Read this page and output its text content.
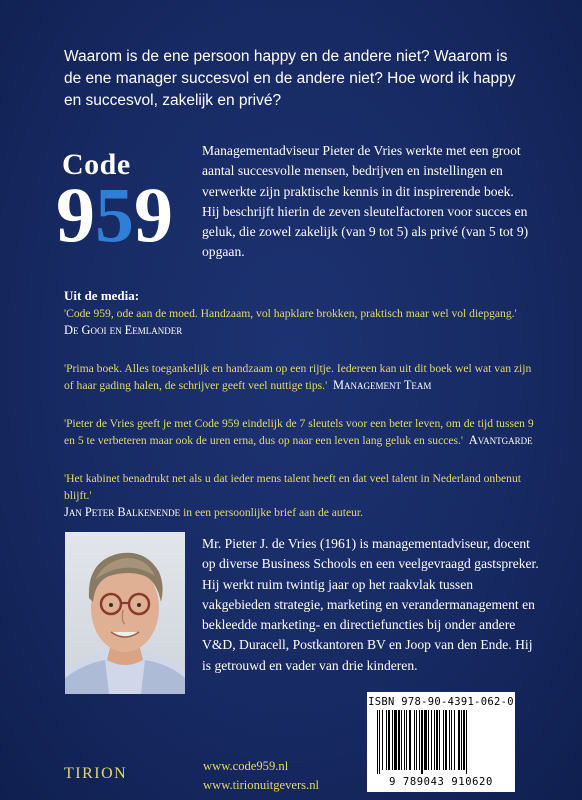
Waarom is de ene persoon happy en de andere niet? Waarom is

de ene manager succesvol en de andere niet? Hoe word ik happy

en succesvol, zakelijk en privé?

Code
959
Managementadviseur Pieter de Vries werkte met een groot aantal succesvolle mensen, bedrijven en instellingen en verwerkte zijn praktische kennis in dit inspirerende boek. Hij beschrijft hierin de zeven sleutelfactoren voor succes en geluk, die zowel zakelijk (van 9 tot 5) als privé (van 5 tot 9) opgaan.

Uit de media:

'Code 959, ode aan de moed. Handzaam, vol hapklare brokken, praktisch maar wel vol diepgang.'

De Gooi en Eemlander

'Prima boek. Alles toegankelijk en handzaam op een rijtje. Iedereen kan uit dit boek wel wat van zijn of haar gading halen, de schrijver geeft veel nuttige tips.' Management Team

'Pieter de Vries geeft je met Code 959 eindelijk de 7 sleutels voor een beter leven, om de tijd tussen 9 en 5 te verbeteren maar ook de uren erna, dus op naar een leven lang geluk en succes.' Avantgarde

'Het kabinet benadrukt net als u dat ieder mens talent heeft en dat veel talent in Nederland onbenut blijft.'

Jan Peter Balkenende in een persoonlijke brief aan de auteur.

Mr. Pieter J. de Vries (1961) is managementadviseur, docent op diverse Business Schools en een veelgevraagd gastspreker. Hij werkt ruim twintig jaar op het raakvlak tussen vakgebieden strategie, marketing en verandermanagement en bekleedde marketing- en directiefuncties bij onder andere V&D, Duracell, Postkantoren BV en Joop van den Ende. Hij is getrouwd en vader van drie kinderen.
TIRION	www.code959.nl
www.tirionuitgevers.nl
ISBN 978-90-4391-062-0
9 789043 910620
